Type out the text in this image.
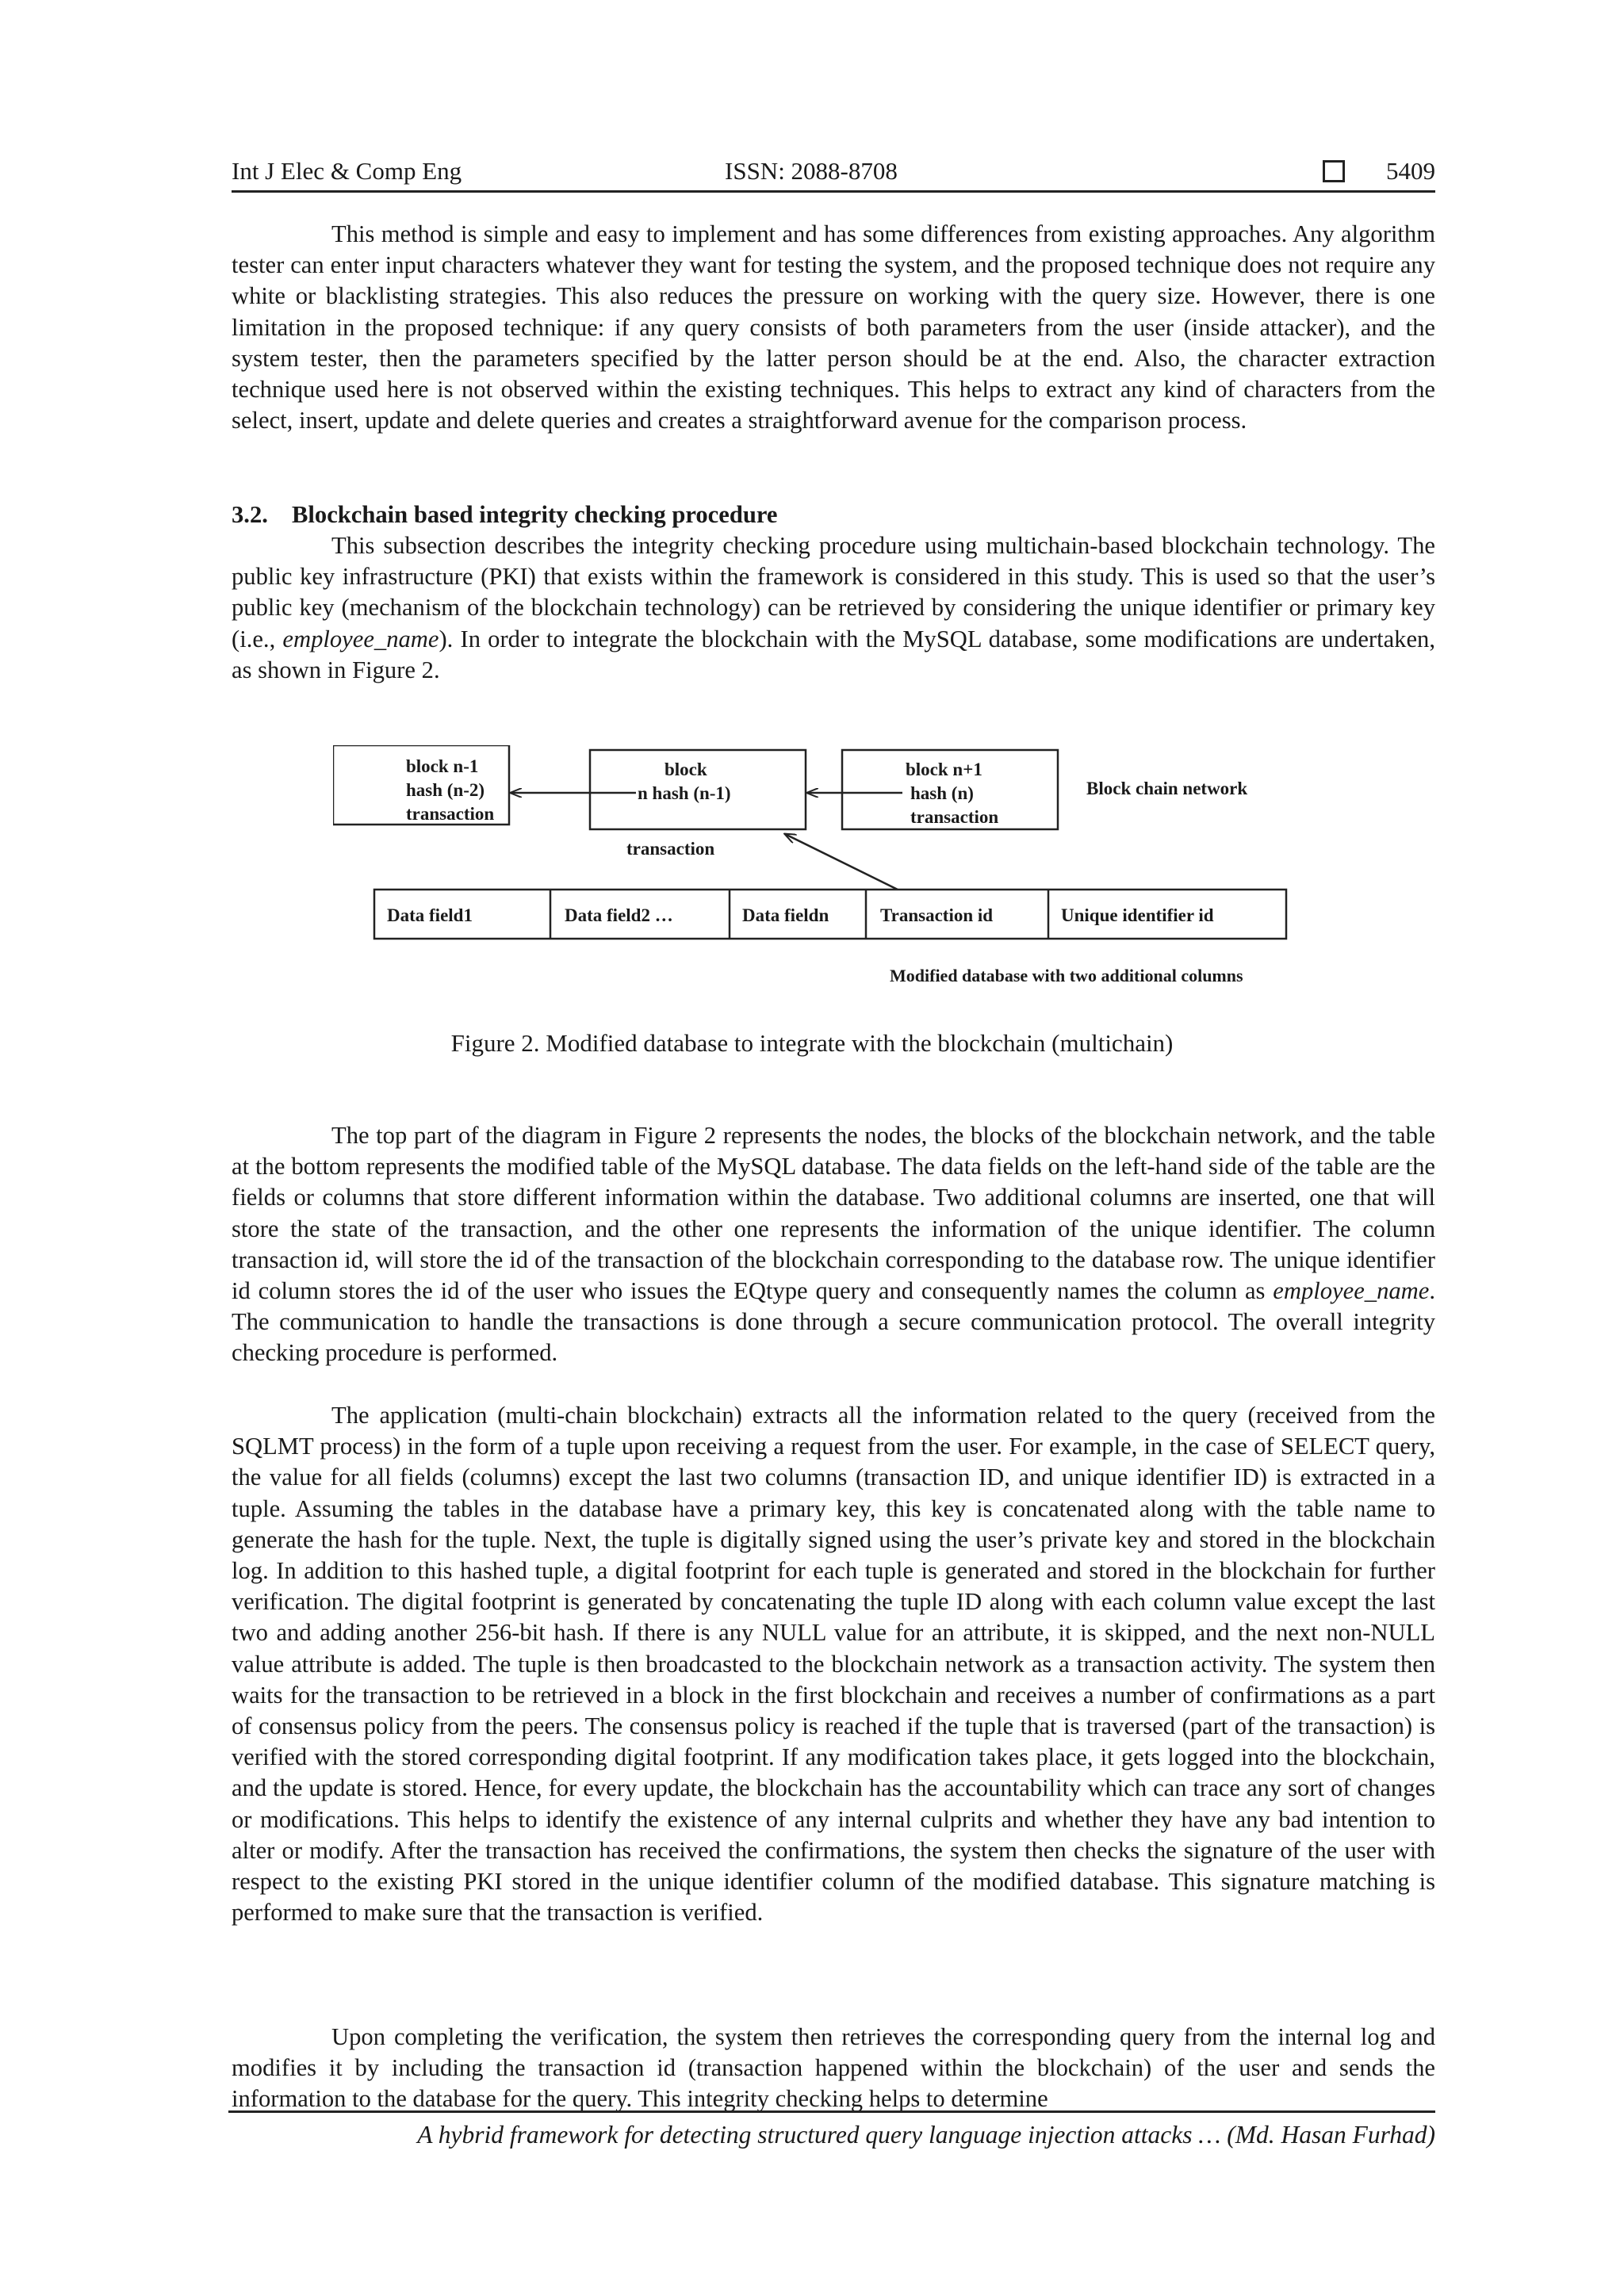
Int J Elec & Comp Eng	ISSN: 2088-8708	5409

This method is simple and easy to implement and has some differences from existing approaches. Any algorithm tester can enter input characters whatever they want for testing the system, and the proposed technique does not require any white or blacklisting strategies. This also reduces the pressure on working with the query size. However, there is one limitation in the proposed technique: if any query consists of both parameters from the user (inside attacker), and the system tester, then the parameters specified by the latter person should be at the end. Also, the character extraction technique used here is not observed within the existing techniques. This helps to extract any kind of characters from the select, insert, update and delete queries and creates a straightforward avenue for the comparison process.

3.2. Blockchain based integrity checking procedure

This subsection describes the integrity checking procedure using multichain-based blockchain technology. The public key infrastructure (PKI) that exists within the framework is considered in this study. This is used so that the user’s public key (mechanism of the blockchain technology) can be retrieved by considering the unique identifier or primary key (i.e., employee_name). In order to integrate the blockchain with the MySQL database, some modifications are undertaken, as shown in Figure 2.

block n-1
hash (n-2)
transaction
block
n hash (n-1)
block n+1
hash (n)
transaction
Block chain network
transaction
Data field1	Data field2 …	Data fieldn	Transaction id	Unique identifier id
Modified database with two additional columns
Figure 2. Modified database to integrate with the blockchain (multichain)

The top part of the diagram in Figure 2 represents the nodes, the blocks of the blockchain network, and the table at the bottom represents the modified table of the MySQL database. The data fields on the left-hand side of the table are the fields or columns that store different information within the database. Two additional columns are inserted, one that will store the state of the transaction, and the other one represents the information of the unique identifier. The column transaction id, will store the id of the transaction of the blockchain corresponding to the database row. The unique identifier id column stores the id of the user who issues the EQtype query and consequently names the column as employee_name. The communication to handle the transactions is done through a secure communication protocol. The overall integrity checking procedure is performed.

The application (multi-chain blockchain) extracts all the information related to the query (received from the SQLMT process) in the form of a tuple upon receiving a request from the user. For example, in the case of SELECT query, the value for all fields (columns) except the last two columns (transaction ID, and unique identifier ID) is extracted in a tuple. Assuming the tables in the database have a primary key, this key is concatenated along with the table name to generate the hash for the tuple. Next, the tuple is digitally signed using the user’s private key and stored in the blockchain log. In addition to this hashed tuple, a digital footprint for each tuple is generated and stored in the blockchain for further verification. The digital footprint is generated by concatenating the tuple ID along with each column value except the last two and adding another 256-bit hash. If there is any NULL value for an attribute, it is skipped, and the next non-NULL value attribute is added. The tuple is then broadcasted to the blockchain network as a transaction activity. The system then waits for the transaction to be retrieved in a block in the first blockchain and receives a number of confirmations as a part of consensus policy from the peers. The consensus policy is reached if the tuple that is traversed (part of the transaction) is verified with the stored corresponding digital footprint. If any modification takes place, it gets logged into the blockchain, and the update is stored. Hence, for every update, the blockchain has the accountability which can trace any sort of changes or modifications. This helps to identify the existence of any internal culprits and whether they have any bad intention to alter or modify. After the transaction has received the confirmations, the system then checks the signature of the user with respect to the existing PKI stored in the unique identifier column of the modified database. This signature matching is performed to make sure that the transaction is verified.

Upon completing the verification, the system then retrieves the corresponding query from the internal log and modifies it by including the transaction id (transaction happened within the blockchain) of the user and sends the information to the database for the query. This integrity checking helps to determine

A hybrid framework for detecting structured query language injection attacks … (Md. Hasan Furhad)
